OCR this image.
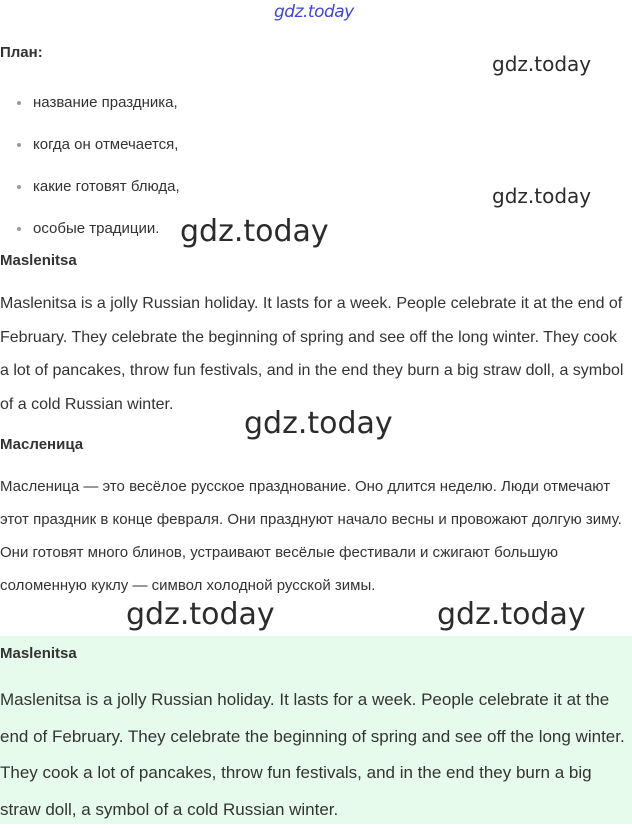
gdz.today
План:
название праздника,
когда он отмечается,
какие готовят блюда,
особые традиции.
gdz.today
gdz.today
gdz.today
Maslenitsa

Maslenitsa is a jolly Russian holiday. It lasts for a week. People celebrate it at the end of February. They celebrate the beginning of spring and see off the long winter. They cook a lot of pancakes, throw fun festivals, and in the end they burn a big straw doll, a symbol of a cold Russian winter.

gdz.today
Масленица

Масленица — это весёлое русское празднование. Оно длится неделю. Люди отмечают этот праздник в конце февраля. Они празднуют начало весны и провожают долгую зиму. Они готовят много блинов, устраивают весёлые фестивали и сжигают большую соломенную куклу — символ холодной русской зимы.

gdz.today	gdz.today
Maslenitsa

Maslenitsa is a jolly Russian holiday. It lasts for a week. People celebrate it at the end of February. They celebrate the beginning of spring and see off the long winter. They cook a lot of pancakes, throw fun festivals, and in the end they burn a big straw doll, a symbol of a cold Russian winter.
